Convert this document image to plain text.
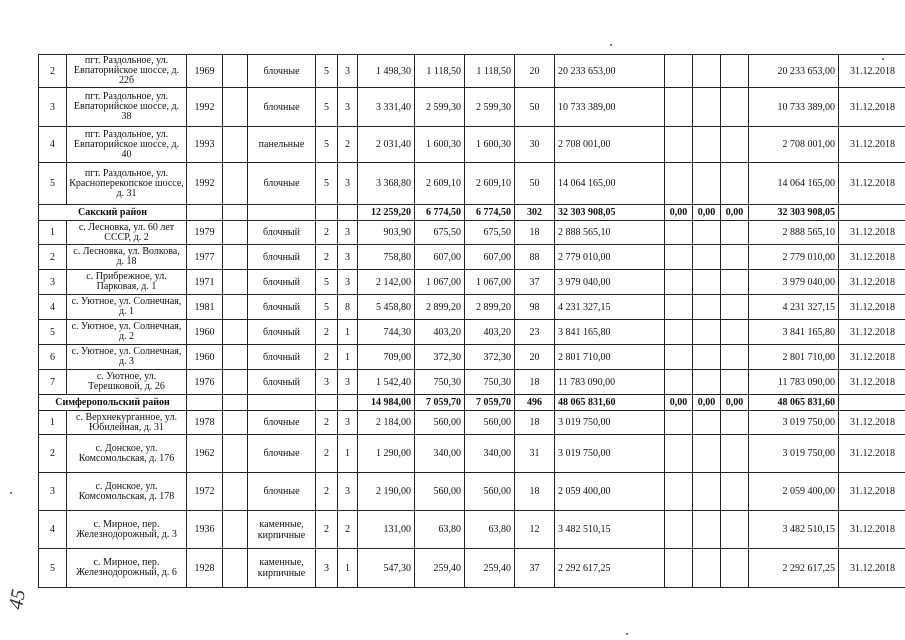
2	пгт. Раздольное, ул. Евпаторийское шоссе, д. 22б	1969		блочные	5	3	1 498,30	1 118,50	1 118,50	20	20 233 653,00				20 233 653,00	31.12.2018
3	пгт. Раздольное, ул. Евпаторийское шоссе, д. 38	1992		блочные	5	3	3 331,40	2 599,30	2 599,30	50	10 733 389,00				10 733 389,00	31.12.2018
4	пгт. Раздольное, ул. Евпаторийское шоссе, д. 40	1993		панельные	5	2	2 031,40	1 600,30	1 600,30	30	2 708 001,00				2 708 001,00	31.12.2018
5	пгт. Раздольное, ул. Красноперекопское шоссе, д. 31	1992		блочные	5	3	3 368,80	2 609,10	2 609,10	50	14 064 165,00				14 064 165,00	31.12.2018
Сакский район							12 259,20	6 774,50	6 774,50	302	32 303 908,05	0,00	0,00	0,00	32 303 908,05	
1	с. Лесновка, ул. 60 лет СССР, д. 2	1979		блочный	2	3	903,90	675,50	675,50	18	2 888 565,10				2 888 565,10	31.12.2018
2	с. Лесновка, ул. Волкова, д. 18	1977		блочный	2	3	758,80	607,00	607,00	88	2 779 010,00				2 779 010,00	31.12.2018
3	с. Прибрежное, ул. Парковая, д. 1	1971		блочный	5	3	2 142,00	1 067,00	1 067,00	37	3 979 040,00				3 979 040,00	31.12.2018
4	с. Уютное, ул. Солнечная, д. 1	1981		блочный	5	8	5 458,80	2 899,20	2 899,20	98	4 231 327,15				4 231 327,15	31.12.2018
5	с. Уютное, ул. Солнечная, д. 2	1960		блочный	2	1	744,30	403,20	403,20	23	3 841 165,80				3 841 165,80	31.12.2018
6	с. Уютное, ул. Солнечная, д. 3	1960		блочный	2	1	709,00	372,30	372,30	20	2 801 710,00				2 801 710,00	31.12.2018
7	с. Уютное, ул. Терешковой, д. 26	1976		блочный	3	3	1 542,40	750,30	750,30	18	11 783 090,00				11 783 090,00	31.12.2018
Симферопольский район							14 984,00	7 059,70	7 059,70	496	48 065 831,60	0,00	0,00	0,00	48 065 831,60	
1	с. Верхнекурганное, ул. Юбилейная, д. 31	1978		блочные	2	3	2 184,00	560,00	560,00	18	3 019 750,00				3 019 750,00	31.12.2018
2	с. Донское, ул. Комсомольская, д. 176	1962		блочные	2	1	1 290,00	340,00	340,00	31	3 019 750,00				3 019 750,00	31.12.2018
3	с. Донское, ул. Комсомольская, д. 178	1972		блочные	2	3	2 190,00	560,00	560,00	18	2 059 400,00				2 059 400,00	31.12.2018
4	с. Мирное, пер. Железнодорожный, д. 3	1936		каменные, кирпичные	2	2	131,00	63,80	63,80	12	3 482 510,15				3 482 510,15	31.12.2018
5	с. Мирное, пер. Железнодорожный, д. 6	1928		каменные, кирпичные	3	1	547,30	259,40	259,40	37	2 292 617,25				2 292 617,25	31.12.2018
45
